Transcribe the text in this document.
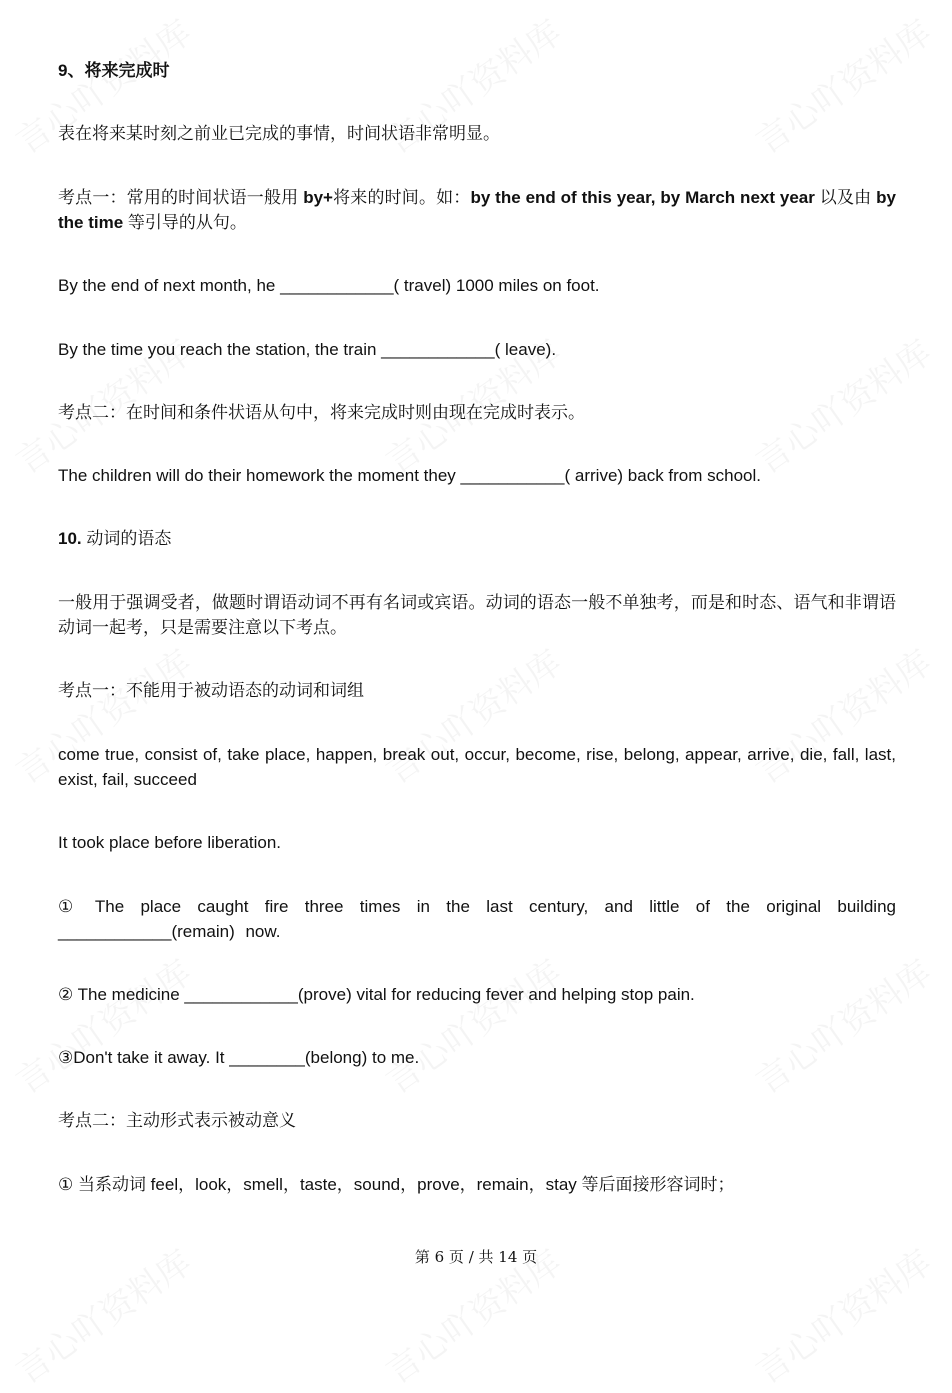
9、将来完成时
表在将来某时刻之前业已完成的事情，时间状语非常明显。
考点一：常用的时间状语一般用 by+将来的时间。如：by the end of this year, by March next year 以及由 by the time 等引导的从句。
By the end of next month, he ____________( travel) 1000 miles on foot.
By the time you reach the station, the train ____________( leave).
考点二：在时间和条件状语从句中，将来完成时则由现在完成时表示。
The children will do their homework the moment they ___________( arrive) back from school.
10. 动词的语态
一般用于强调受者，做题时谓语动词不再有名词或宾语。动词的语态一般不单独考，而是和时态、语气和非谓语动词一起考，只是需要注意以下考点。
考点一：不能用于被动语态的动词和词组
come true, consist of, take place, happen, break out, occur, become, rise, belong, appear, arrive, die, fall, last, exist, fail, succeed
It took place before liberation.
① The place caught fire three times in the last century, and little of the original building ____________(remain) now.
② The medicine ____________(prove) vital for reducing fever and helping stop pain.
③Don't take it away. It ________(belong) to me.
考点二：主动形式表示被动意义
① 当系动词 feel，look，smell，taste，sound，prove，remain，stay 等后面接形容词时；
第 6 页 / 共 14 页
